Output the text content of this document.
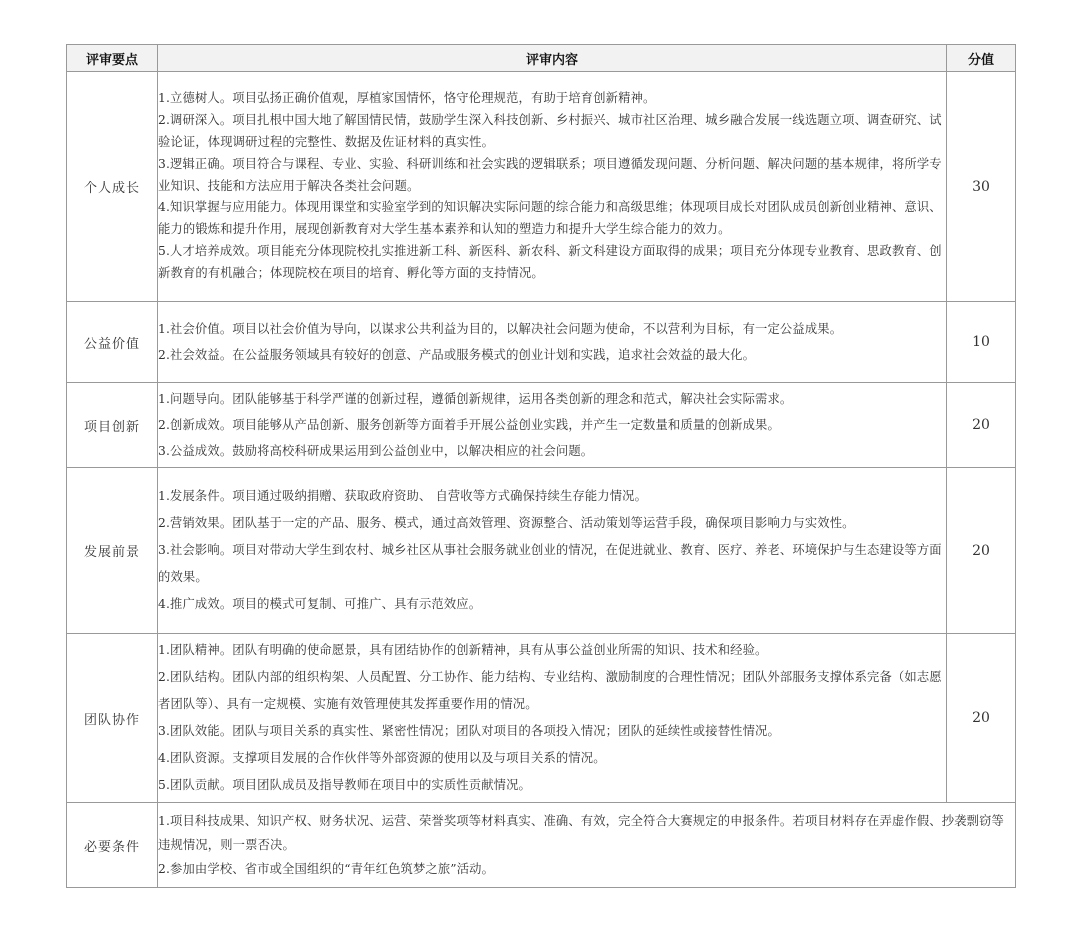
评审要点	评审内容	分值
个人成长	1.立德树人。项目弘扬正确价值观，厚植家国情怀，恪守伦理规范，有助于培育创新精神。
2.调研深入。项目扎根中国大地了解国情民情，鼓励学生深入科技创新、乡村振兴、城市社区治理、城乡融合发展一线选题立项、调查研究、试验论证，体现调研过程的完整性、数据及佐证材料的真实性。
3.逻辑正确。项目符合与课程、专业、实验、科研训练和社会实践的逻辑联系；项目遵循发现问题、分析问题、解决问题的基本规律，将所学专业知识、技能和方法应用于解决各类社会问题。
4.知识掌握与应用能力。体现用课堂和实验室学到的知识解决实际问题的综合能力和高级思维；体现项目成长对团队成员创新创业精神、意识、能力的锻炼和提升作用，展现创新教育对大学生基本素养和认知的塑造力和提升大学生综合能力的效力。
5.人才培养成效。项目能充分体现院校扎实推进新工科、新医科、新农科、新文科建设方面取得的成果；项目充分体现专业教育、思政教育、创新教育的有机融合；体现院校在项目的培育、孵化等方面的支持情况。	30
公益价值	1.社会价值。项目以社会价值为导向，以谋求公共利益为目的，以解决社会问题为使命，不以营利为目标，有一定公益成果。
2.社会效益。在公益服务领域具有较好的创意、产品或服务模式的创业计划和实践，追求社会效益的最大化。	10
项目创新	1.问题导向。团队能够基于科学严谨的创新过程，遵循创新规律，运用各类创新的理念和范式，解决社会实际需求。
2.创新成效。项目能够从产品创新、服务创新等方面着手开展公益创业实践，并产生一定数量和质量的创新成果。
3.公益成效。鼓励将高校科研成果运用到公益创业中，以解决相应的社会问题。	20
发展前景	1.发展条件。项目通过吸纳捐赠、获取政府资助、 自营收等方式确保持续生存能力情况。
2.营销效果。团队基于一定的产品、服务、模式，通过高效管理、资源整合、活动策划等运营手段，确保项目影响力与实效性。
3.社会影响。项目对带动大学生到农村、城乡社区从事社会服务就业创业的情况，在促进就业、教育、医疗、养老、环境保护与生态建设等方面的效果。
4.推广成效。项目的模式可复制、可推广、具有示范效应。	20
团队协作	1.团队精神。团队有明确的使命愿景，具有团结协作的创新精神，具有从事公益创业所需的知识、技术和经验。
2.团队结构。团队内部的组织构架、人员配置、分工协作、能力结构、专业结构、激励制度的合理性情况；团队外部服务支撑体系完备（如志愿者团队等）、具有一定规模、实施有效管理使其发挥重要作用的情况。
3.团队效能。团队与项目关系的真实性、紧密性情况；团队对项目的各项投入情况；团队的延续性或接替性情况。
4.团队资源。支撑项目发展的合作伙伴等外部资源的使用以及与项目关系的情况。
5.团队贡献。项目团队成员及指导教师在项目中的实质性贡献情况。	20
必要条件	1.项目科技成果、知识产权、财务状况、运营、荣誉奖项等材料真实、准确、有效，完全符合大赛规定的申报条件。若项目材料存在弄虚作假、抄袭剽窃等违规情况，则一票否决。
2.参加由学校、省市或全国组织的“青年红色筑梦之旅”活动。	
